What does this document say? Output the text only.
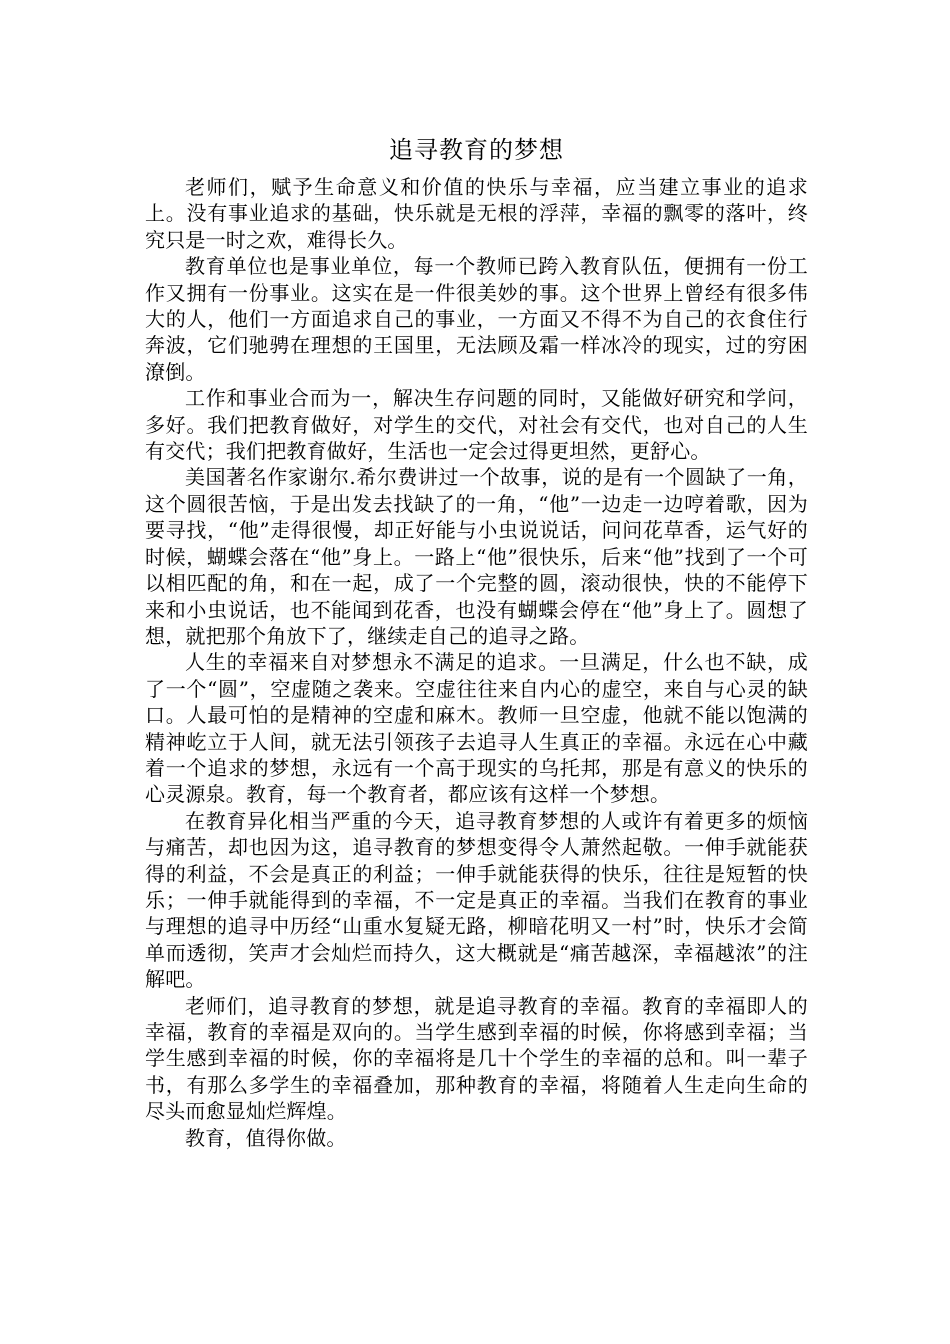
追寻教育的梦想

老师们，赋予生命意义和价值的快乐与幸福，应当建立事业的追求上。没有事业追求的基础，快乐就是无根的浮萍，幸福的飘零的落叶，终究只是一时之欢，难得长久。

教育单位也是事业单位，每一个教师已跨入教育队伍，便拥有一份工作又拥有一份事业。这实在是一件很美妙的事。这个世界上曾经有很多伟大的人，他们一方面追求自己的事业，一方面又不得不为自己的衣食住行奔波，它们驰骋在理想的王国里，无法顾及霜一样冰冷的现实，过的穷困潦倒。

工作和事业合而为一，解决生存问题的同时，又能做好研究和学问，多好。我们把教育做好，对学生的交代，对社会有交代，也对自己的人生有交代；我们把教育做好，生活也一定会过得更坦然，更舒心。

美国著名作家谢尔.希尔费讲过一个故事，说的是有一个圆缺了一角，这个圆很苦恼，于是出发去找缺了的一角，“他”一边走一边哼着歌，因为要寻找，“他”走得很慢，却正好能与小虫说说话，问问花草香，运气好的时候，蝴蝶会落在“他”身上。一路上“他”很快乐，后来“他”找到了一个可以相匹配的角，和在一起，成了一个完整的圆，滚动很快，快的不能停下来和小虫说话，也不能闻到花香，也没有蝴蝶会停在“他”身上了。圆想了想，就把那个角放下了，继续走自己的追寻之路。

人生的幸福来自对梦想永不满足的追求。一旦满足，什么也不缺，成了一个“圆”，空虚随之袭来。空虚往往来自内心的虚空，来自与心灵的缺口。人最可怕的是精神的空虚和麻木。教师一旦空虚，他就不能以饱满的精神屹立于人间，就无法引领孩子去追寻人生真正的幸福。永远在心中藏着一个追求的梦想，永远有一个高于现实的乌托邦，那是有意义的快乐的心灵源泉。教育，每一个教育者，都应该有这样一个梦想。

在教育异化相当严重的今天，追寻教育梦想的人或许有着更多的烦恼与痛苦，却也因为这，追寻教育的梦想变得令人萧然起敬。一伸手就能获得的利益，不会是真正的利益；一伸手就能获得的快乐，往往是短暂的快乐；一伸手就能得到的幸福，不一定是真正的幸福。当我们在教育的事业与理想的追寻中历经“山重水复疑无路，柳暗花明又一村”时，快乐才会简单而透彻，笑声才会灿烂而持久，这大概就是“痛苦越深，幸福越浓”的注解吧。

老师们，追寻教育的梦想，就是追寻教育的幸福。教育的幸福即人的幸福，教育的幸福是双向的。当学生感到幸福的时候，你将感到幸福；当学生感到幸福的时候，你的幸福将是几十个学生的幸福的总和。叫一辈子书，有那么多学生的幸福叠加，那种教育的幸福，将随着人生走向生命的尽头而愈显灿烂辉煌。

教育，值得你做。
